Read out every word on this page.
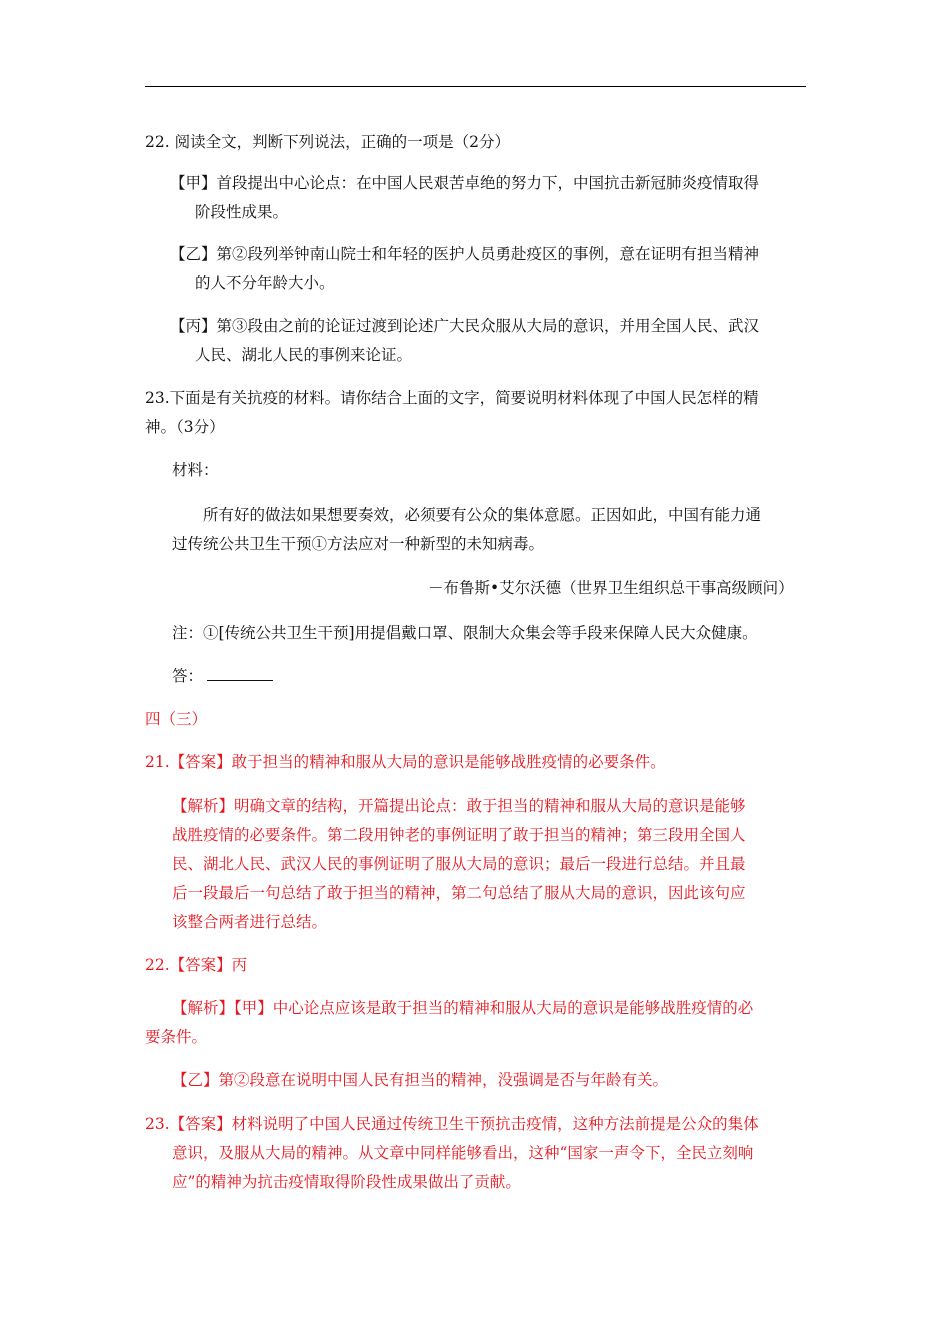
22. 阅读全文，判断下列说法，正确的一项是（2分）
【甲】首段提出中心论点：在中国人民艰苦卓绝的努力下，中国抗击新冠肺炎疫情取得
阶段性成果。
【乙】第②段列举钟南山院士和年轻的医护人员勇赴疫区的事例，意在证明有担当精神
的人不分年龄大小。
【丙】第③段由之前的论证过渡到论述广大民众服从大局的意识，并用全国人民、武汉
人民、湖北人民的事例来论证。
23.下面是有关抗疫的材料。请你结合上面的文字，简要说明材料体现了中国人民怎样的精
神。（3分）
材料：
所有好的做法如果想要奏效，必须要有公众的集体意愿。正因如此，中国有能力通
过传统公共卫生干预①方法应对一种新型的未知病毒。
－布鲁斯•艾尔沃德（世界卫生组织总干事高级顾问）
注：①[传统公共卫生干预]用提倡戴口罩、限制大众集会等手段来保障人民大众健康。
答：
四（三）
21.【答案】敢于担当的精神和服从大局的意识是能够战胜疫情的必要条件。
【解析】明确文章的结构，开篇提出论点：敢于担当的精神和服从大局的意识是能够
战胜疫情的必要条件。第二段用钟老的事例证明了敢于担当的精神；第三段用全国人
民、湖北人民、武汉人民的事例证明了服从大局的意识；最后一段进行总结。并且最
后一段最后一句总结了敢于担当的精神，第二句总结了服从大局的意识，因此该句应
该整合两者进行总结。
22.【答案】丙
【解析】【甲】中心论点应该是敢于担当的精神和服从大局的意识是能够战胜疫情的必
要条件。
【乙】第②段意在说明中国人民有担当的精神，没强调是否与年龄有关。
23.【答案】材料说明了中国人民通过传统卫生干预抗击疫情，这种方法前提是公众的集体
意识，及服从大局的精神。从文章中同样能够看出，这种“国家一声令下，全民立刻响
应”的精神为抗击疫情取得阶段性成果做出了贡献。
